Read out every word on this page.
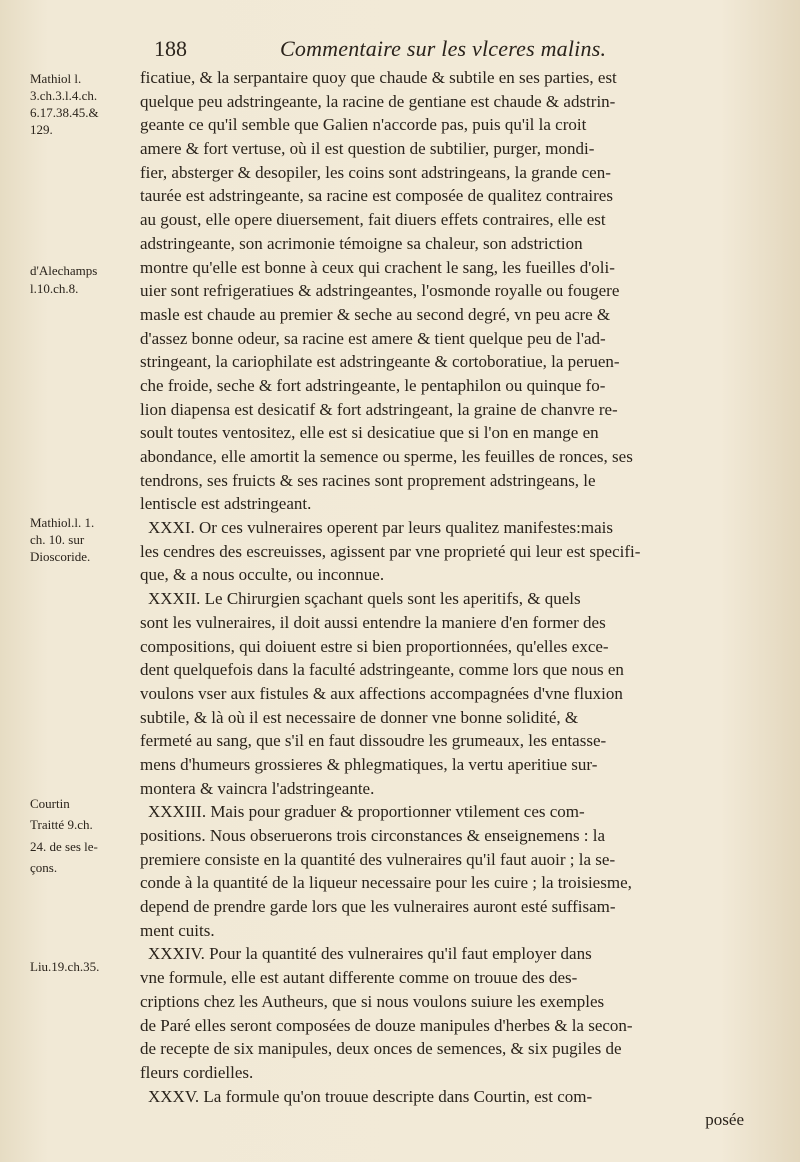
188	Commentaire sur les vlceres malins.
Mathiol l.
3.ch.3.l.4.ch.
6.17.38.45.&
129.
d'Alechamps
l.10.ch.8.
Mathiol.l. 1.
ch. 10. sur
Dioscoride.
Courtin
Traitté 9.ch.
24. de ses le-
çons.
Liu.19.ch.35.
ficatiue, & la serpantaire quoy que chaude & subtile en ses parties, est
quelque peu adstringeante, la racine de gentiane est chaude & adstrin-
geante ce qu'il semble que Galien n'accorde pas, puis qu'il la croit
amere & fort vertuse, où il est question de subtilier, purger, mondi-
fier, absterger & desopiler, les coins sont adstringeans, la grande cen-
taurée est adstringeante, sa racine est composée de qualitez contraires
au goust, elle opere diuersement, fait diuers effets contraires, elle est
adstringeante, son acrimonie témoigne sa chaleur, son adstriction
montre qu'elle est bonne à ceux qui crachent le sang, les fueilles d'oli-
uier sont refrigeratiues & adstringeantes, l'osmonde royalle ou fougere
masle est chaude au premier & seche au second degré, vn peu acre &
d'assez bonne odeur, sa racine est amere & tient quelque peu de l'ad-
stringeant, la cariophilate est adstringeante & cortoboratiue, la peruen-
che froide, seche & fort adstringeante, le pentaphilon ou quinque fo-
lion diapensa est desicatif & fort adstringeant, la graine de chanvre re-
soult toutes ventositez, elle est si desicatiue que si l'on en mange en
abondance, elle amortit la semence ou sperme, les feuilles de ronces, ses
tendrons, ses fruicts & ses racines sont proprement adstringeans, le
lentiscle est adstringeant.
XXXI. Or ces vulneraires operent par leurs qualitez manifestes:mais
les cendres des escreuisses, agissent par vne proprieté qui leur est specifi-
que, & a nous occulte, ou inconnue.
XXXII. Le Chirurgien sçachant quels sont les aperitifs, & quels
sont les vulneraires, il doit aussi entendre la maniere d'en former des
compositions, qui doiuent estre si bien proportionnées, qu'elles exce-
dent quelquefois dans la faculté adstringeante, comme lors que nous en
voulons vser aux fistules & aux affections accompagnées d'vne fluxion
subtile, & là où il est necessaire de donner vne bonne solidité, &
fermeté au sang, que s'il en faut dissoudre les grumeaux, les entasse-
mens d'humeurs grossieres & phlegmatiques, la vertu aperitiue sur-
montera & vaincra l'adstringeante.
XXXIII. Mais pour graduer & proportionner vtilement ces com-
positions. Nous obseruerons trois circonstances & enseignemens : la
premiere consiste en la quantité des vulneraires qu'il faut auoir ; la se-
conde à la quantité de la liqueur necessaire pour les cuire ; la troisiesme,
depend de prendre garde lors que les vulneraires auront esté suffisam-
ment cuits.
XXXIV. Pour la quantité des vulneraires qu'il faut employer dans
vne formule, elle est autant differente comme on trouue des des-
criptions chez les Autheurs, que si nous voulons suiure les exemples
de Paré elles seront composées de douze manipules d'herbes & la secon-
de recepte de six manipules, deux onces de semences, & six pugiles de
fleurs cordielles.
XXXV. La formule qu'on trouue descripte dans Courtin, est com-
posée
